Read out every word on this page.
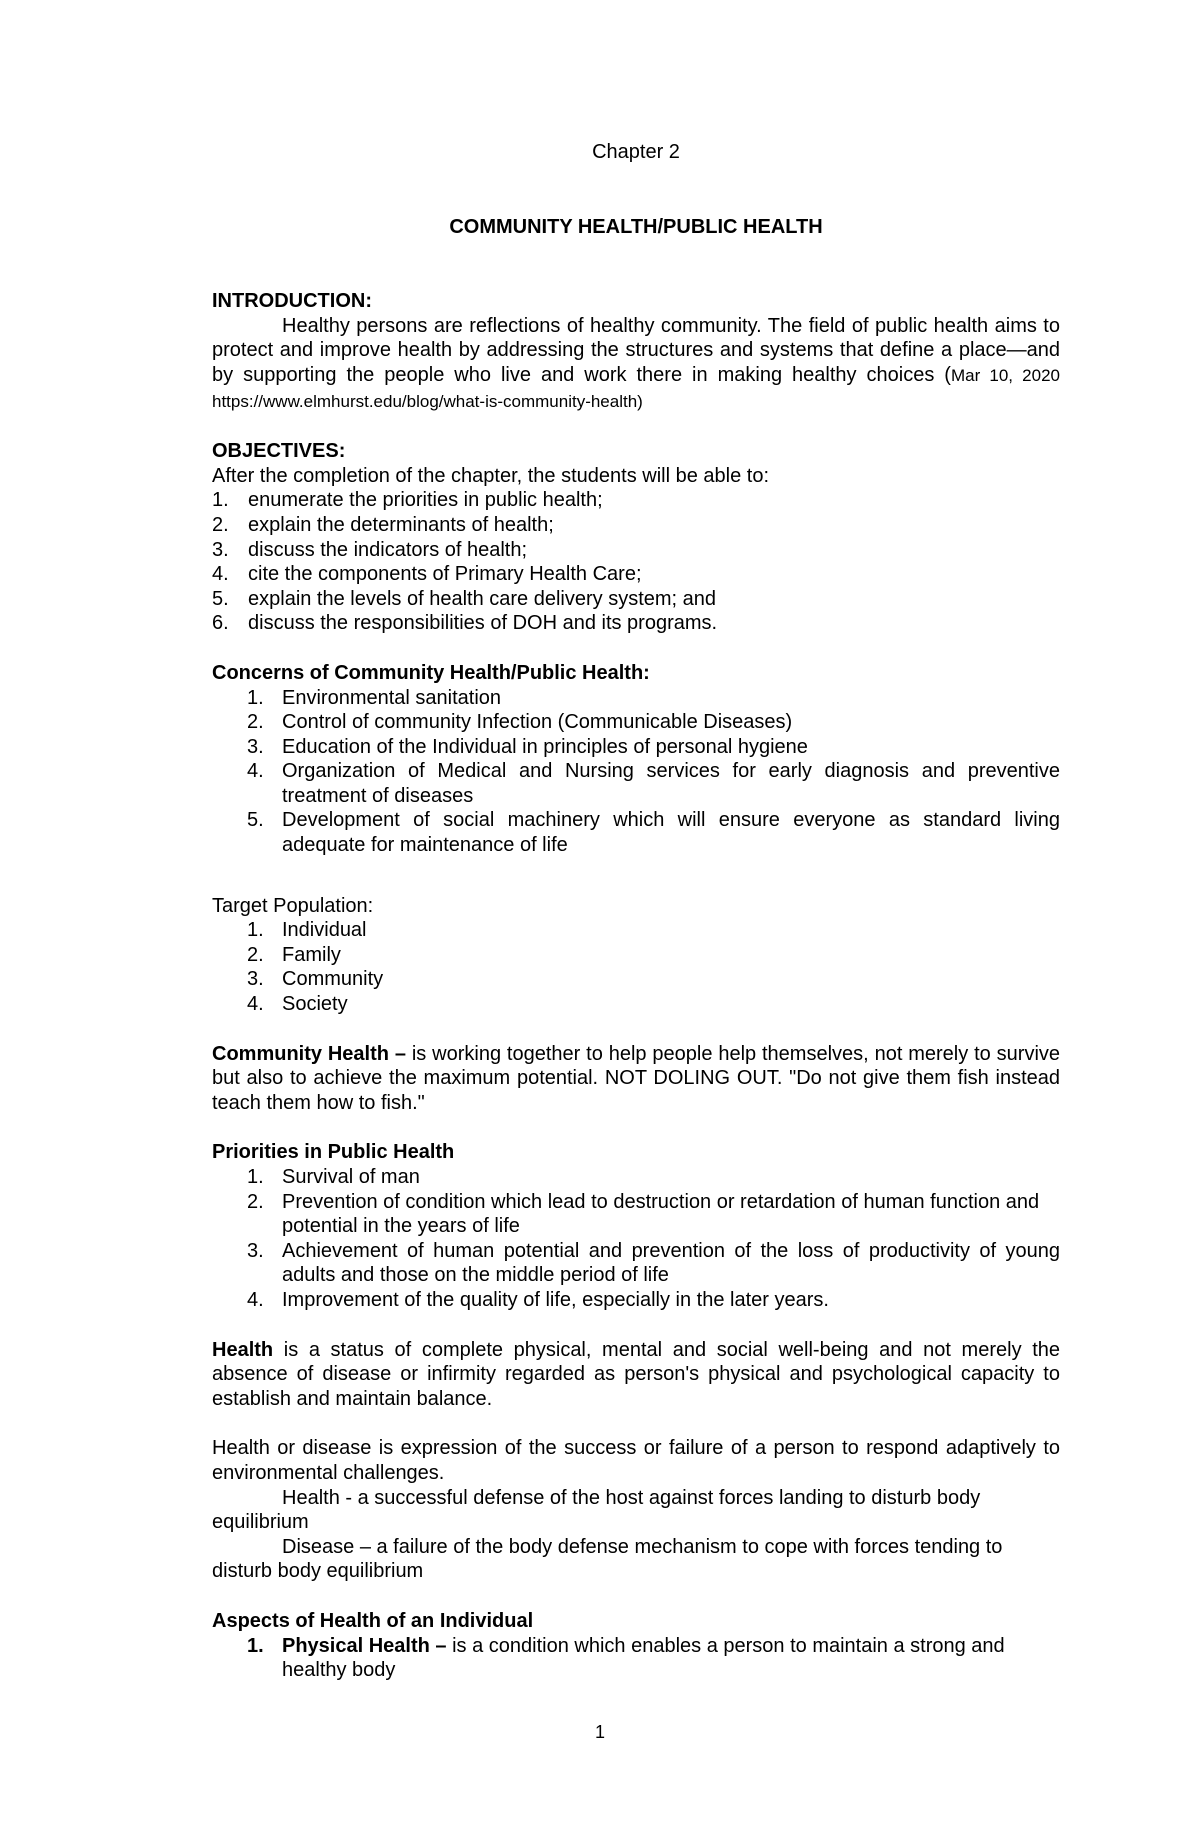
Chapter 2

COMMUNITY HEALTH/PUBLIC HEALTH

INTRODUCTION:

Healthy persons are reflections of healthy community. The field of public health aims to protect and improve health by addressing the structures and systems that define a place—and by supporting the people who live and work there in making healthy choices (Mar 10, 2020 https://www.elmhurst.edu/blog/what-is-community-health)

OBJECTIVES:

After the completion of the chapter, the students will be able to:

1. enumerate the priorities in public health;
2. explain the determinants of health;
3. discuss the indicators of health;
4. cite the components of Primary Health Care;
5. explain the levels of health care delivery system; and
6. discuss the responsibilities of DOH and its programs.

Concerns of Community Health/Public Health:

1. Environmental sanitation
2. Control of community Infection (Communicable Diseases)
3. Education of the Individual in principles of personal hygiene
4. Organization of Medical and Nursing services for early diagnosis and preventive treatment of diseases
5. Development of social machinery which will ensure everyone as standard living adequate for maintenance of life

Target Population:

1. Individual
2. Family
3. Community
4. Society

Community Health – is working together to help people help themselves, not merely to survive but also to achieve the maximum potential. NOT DOLING OUT. "Do not give them fish instead teach them how to fish."

Priorities in Public Health

1. Survival of man
2. Prevention of condition which lead to destruction or retardation of human function and potential in the years of life
3. Achievement of human potential and prevention of the loss of productivity of young adults and those on the middle period of life
4. Improvement of the quality of life, especially in the later years.

Health is a status of complete physical, mental and social well-being and not merely the absence of disease or infirmity regarded as person's physical and psychological capacity to establish and maintain balance.

Health or disease is expression of the success or failure of a person to respond adaptively to environmental challenges.

Health - a successful defense of the host against forces landing to disturb body equilibrium

Disease – a failure of the body defense mechanism to cope with forces tending to disturb body equilibrium

Aspects of Health of an Individual

1. Physical Health – is a condition which enables a person to maintain a strong and healthy body
1
